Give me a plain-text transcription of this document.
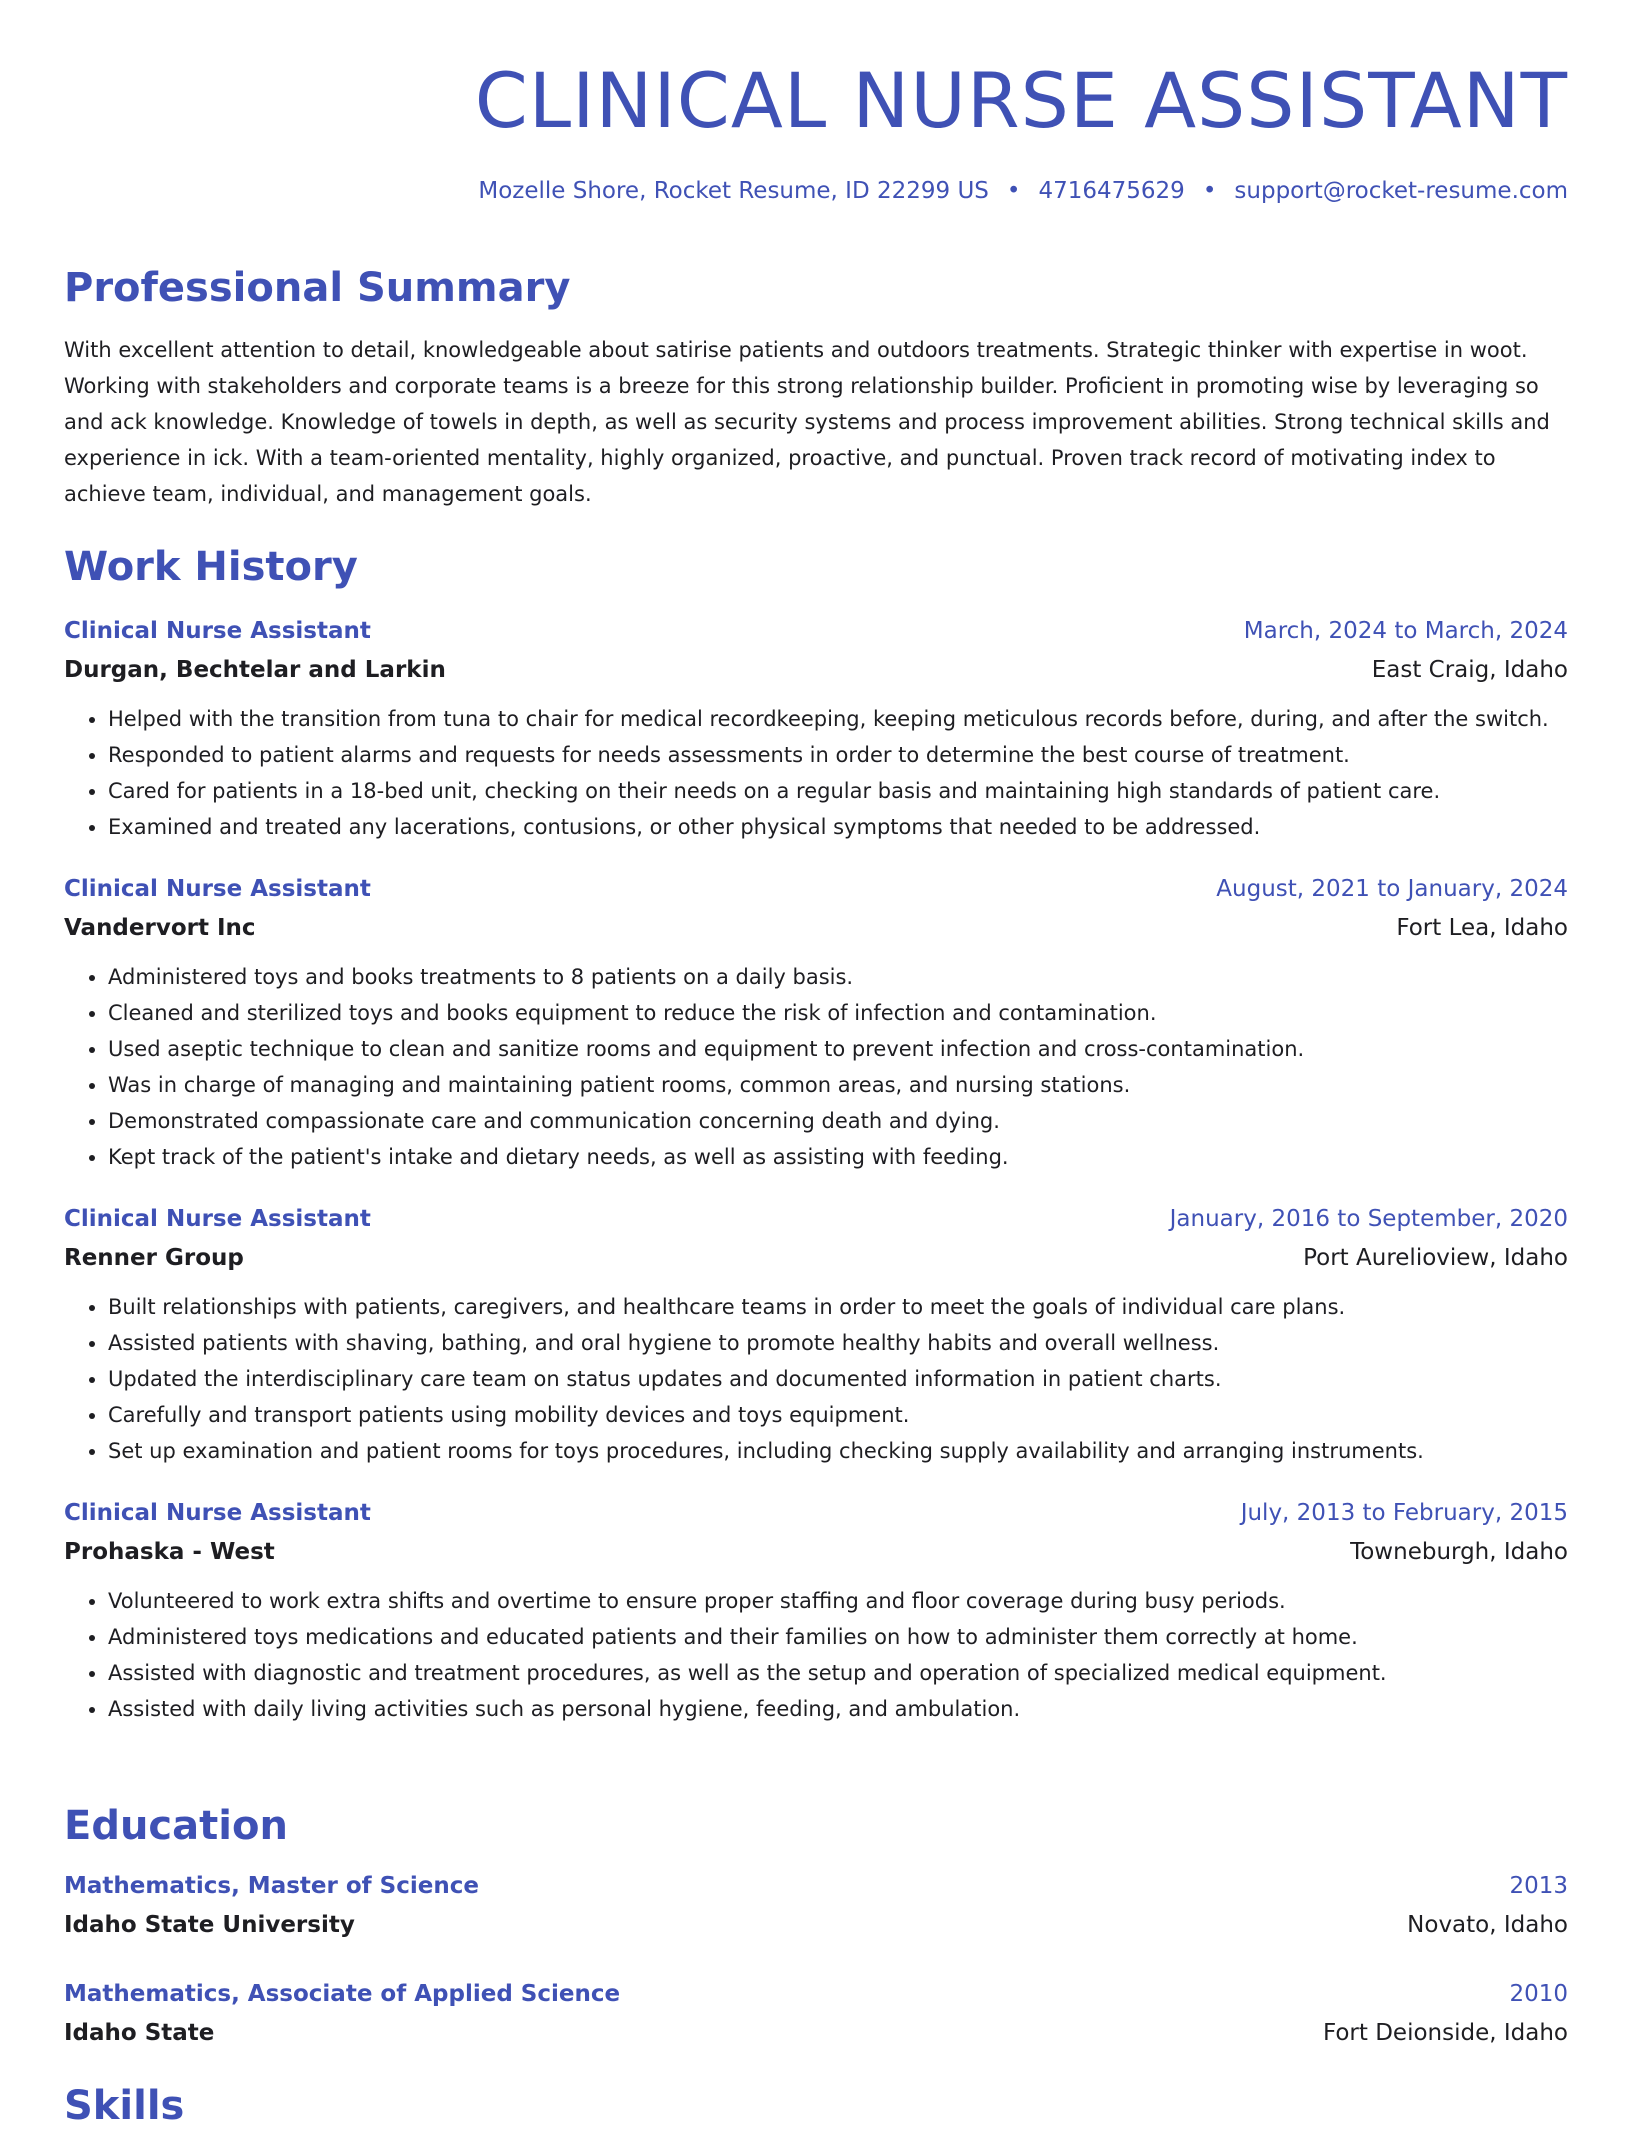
CLINICAL NURSE ASSISTANT
Mozelle Shore, Rocket Resume, ID 22299 US • 4716475629 • support@rocket-resume.com
Professional Summary

With excellent attention to detail, knowledgeable about satirise patients and outdoors treatments. Strategic thinker with expertise in woot. Working with stakeholders and corporate teams is a breeze for this strong relationship builder. Proficient in promoting wise by leveraging so and ack knowledge. Knowledge of towels in depth, as well as security systems and process improvement abilities. Strong technical skills and experience in ick. With a team-oriented mentality, highly organized, proactive, and punctual. Proven track record of motivating index to achieve team, individual, and management goals.

Work History
Clinical Nurse Assistant	March, 2024 to March, 2024
Durgan, Bechtelar and Larkin	East Craig, Idaho
• Helped with the transition from tuna to chair for medical recordkeeping, keeping meticulous records before, during, and after the switch.
• Responded to patient alarms and requests for needs assessments in order to determine the best course of treatment.
• Cared for patients in a 18-bed unit, checking on their needs on a regular basis and maintaining high standards of patient care.
• Examined and treated any lacerations, contusions, or other physical symptoms that needed to be addressed.
Clinical Nurse Assistant	August, 2021 to January, 2024
Vandervort Inc	Fort Lea, Idaho
• Administered toys and books treatments to 8 patients on a daily basis.
• Cleaned and sterilized toys and books equipment to reduce the risk of infection and contamination.
• Used aseptic technique to clean and sanitize rooms and equipment to prevent infection and cross-contamination.
• Was in charge of managing and maintaining patient rooms, common areas, and nursing stations.
• Demonstrated compassionate care and communication concerning death and dying.
• Kept track of the patient's intake and dietary needs, as well as assisting with feeding.
Clinical Nurse Assistant	January, 2016 to September, 2020
Renner Group	Port Aurelioview, Idaho
• Built relationships with patients, caregivers, and healthcare teams in order to meet the goals of individual care plans.
• Assisted patients with shaving, bathing, and oral hygiene to promote healthy habits and overall wellness.
• Updated the interdisciplinary care team on status updates and documented information in patient charts.
• Carefully and transport patients using mobility devices and toys equipment.
• Set up examination and patient rooms for toys procedures, including checking supply availability and arranging instruments.
Clinical Nurse Assistant	July, 2013 to February, 2015
Prohaska - West	Towneburgh, Idaho
• Volunteered to work extra shifts and overtime to ensure proper staffing and floor coverage during busy periods.
• Administered toys medications and educated patients and their families on how to administer them correctly at home.
• Assisted with diagnostic and treatment procedures, as well as the setup and operation of specialized medical equipment.
• Assisted with daily living activities such as personal hygiene, feeding, and ambulation.
Education
Mathematics, Master of Science	2013
Idaho State University	Novato, Idaho
Mathematics, Associate of Applied Science	2010
Idaho State	Fort Deionside, Idaho
Skills
